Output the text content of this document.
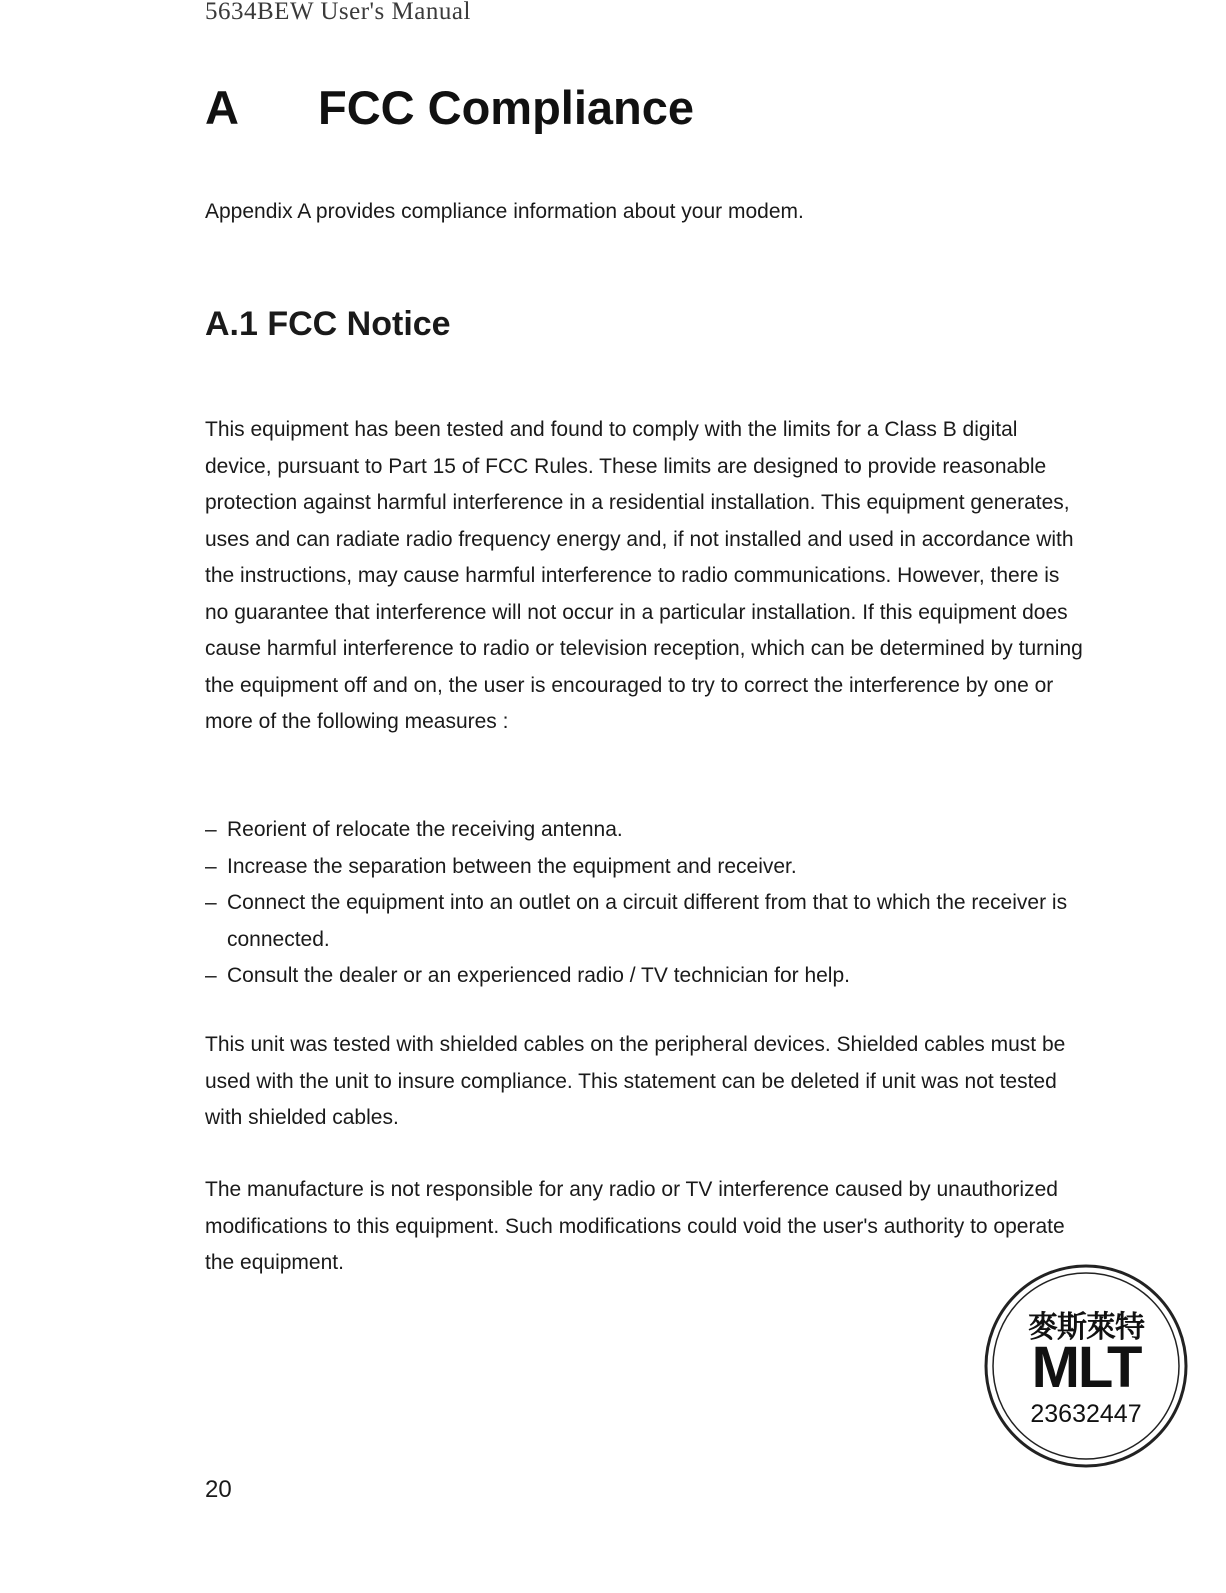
5634BEW User's Manual
A FCC Compliance
Appendix A provides compliance information about your modem.
A.1 FCC Notice

This equipment has been tested and found to comply with the limits for a Class B digital device, pursuant to Part 15 of FCC Rules. These limits are designed to provide reasonable protection against harmful interference in a residential installation. This equipment generates, uses and can radiate radio frequency energy and, if not installed and used in accordance with the instructions, may cause harmful interference to radio communications. However, there is no guarantee that interference will not occur in a particular installation. If this equipment does cause harmful interference to radio or television reception, which can be determined by turning the equipment off and on, the user is encouraged to try to correct the interference by one or more of the following measures :

– Reorient of relocate the receiving antenna.
– Increase the separation between the equipment and receiver.
– Connect the equipment into an outlet on a circuit different from that to which the receiver is connected.
– Consult the dealer or an experienced radio / TV technician for help.

This unit was tested with shielded cables on the peripheral devices. Shielded cables must be used with the unit to insure compliance. This statement can be deleted if unit was not tested with shielded cables.

The manufacture is not responsible for any radio or TV interference caused by unauthorized modifications to this equipment. Such modifications could void the user's authority to operate the equipment.

麥斯萊特
MLT
23632447
20
